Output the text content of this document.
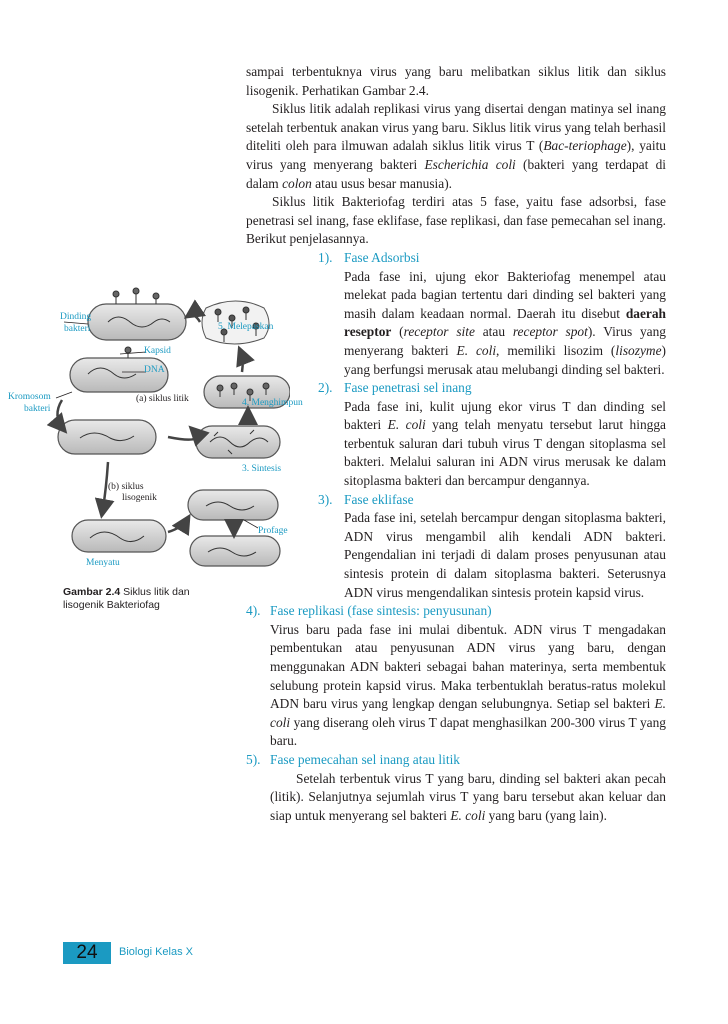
sampai terbentuknya virus yang baru melibatkan siklus litik dan siklus lisogenik. Perhatikan Gambar 2.4.

Siklus litik adalah replikasi virus yang disertai dengan matinya sel inang setelah terbentuk anakan virus yang baru. Siklus litik virus yang telah berhasil diteliti oleh para ilmuwan adalah siklus litik virus T (Bac-teriophage), yaitu virus yang menyerang bakteri Escherichia coli (bakteri yang terdapat di dalam colon atau usus besar manusia).

Siklus litik Bakteriofag terdiri atas 5 fase, yaitu fase adsorbsi, fase penetrasi sel inang, fase eklifase, fase replikasi, dan fase pemecahan sel inang. Berikut penjelasannya.

1). Fase Adsorbsi

Pada fase ini, ujung ekor Bakteriofag menempel atau melekat pada bagian tertentu dari dinding sel bakteri yang masih dalam keadaan normal. Daerah itu disebut daerah reseptor (receptor site atau receptor spot). Virus yang menyerang bakteri E. coli, memiliki lisozim (lisozyme) yang berfungsi merusak atau melubangi dinding sel bakteri.

2). Fase penetrasi sel inang

Pada fase ini, kulit ujung ekor virus T dan dinding sel bakteri E. coli yang telah menyatu tersebut larut hingga terbentuk saluran dari tubuh virus T dengan sitoplasma sel bakteri. Melalui saluran ini ADN virus merusak ke dalam sitoplasma bakteri dan bercampur dengannya.

3). Fase eklifase

Pada fase ini, setelah bercampur dengan sitoplasma bakteri, ADN virus mengambil alih kendali ADN bakteri. Pengendalian ini terjadi di dalam proses penyusunan atau sintesis protein di dalam sitoplasma bakteri. Seterusnya ADN virus mengendalikan sintesis protein kapsid virus.

4). Fase replikasi (fase sintesis: penyusunan)

Virus baru pada fase ini mulai dibentuk. ADN virus T mengadakan pembentukan atau penyusunan ADN virus yang baru, dengan menggunakan ADN bakteri sebagai bahan materinya, serta membentuk selubung protein kapsid virus. Maka terbentuklah beratus-ratus molekul ADN baru virus yang lengkap dengan selubungnya. Setiap sel bakteri E. coli yang diserang oleh virus T dapat menghasilkan 200-300 virus T yang baru.

5). Fase pemecahan sel inang atau litik

Setelah terbentuk virus T yang baru, dinding sel bakteri akan pecah (litik). Selanjutnya sejumlah virus T yang baru tersebut akan keluar dan siap untuk menyerang sel bakteri E. coli yang baru (yang lain).

Dinding
bakteri
Kapsid
DNA
Kromosom
bakteri
(a) siklus litik
5. Melepaskan
4. Menghimpun
3. Sintesis
(b) siklus
lisogenik
Profage
Menyatu
Gambar 2.4 Siklus litik dan lisogenik Bakteriofag
24	Biologi Kelas X
